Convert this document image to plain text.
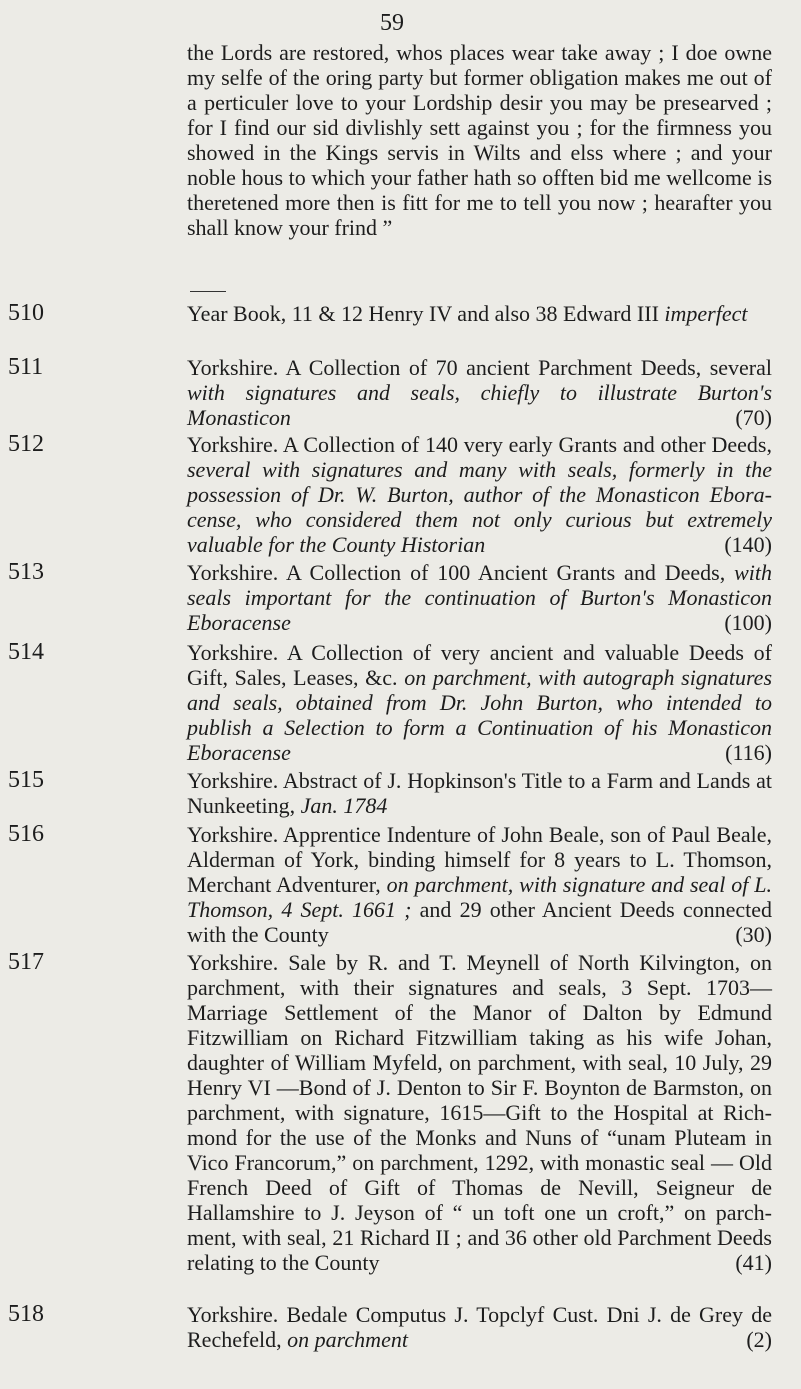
59
the Lords are restored, whos places wear take away ; I doe owne my selfe of the oring party but former obligation makes me out of a perticuler love to your Lordship desir you may be presearved ; for I find our sid divlishly sett against you ; for the firmness you showed in the Kings servis in Wilts and elss where ; and your noble hous to which your father hath so offten bid me wellcome is theretened more then is fitt for me to tell you now ; hearafter you shall know your frind ”
510	Year Book, 11 & 12 Henry IV and also 38 Edward III imperfect
511	Yorkshire. A Collection of 70 ancient Parchment Deeds, several with signatures and seals, chiefly to illustrate Burton's Monasticon	(70)
512	Yorkshire. A Collection of 140 very early Grants and other Deeds, several with signatures and many with seals, formerly in the possession of Dr. W. Burton, author of the Monasticon Ebora- cense, who considered them not only curious but extremely valuable for the County Historian	(140)
513	Yorkshire. A Collection of 100 Ancient Grants and Deeds, with seals important for the continuation of Burton's Monasticon Eboracense	(100)
514	Yorkshire. A Collection of very ancient and valuable Deeds of Gift, Sales, Leases, &c. on parchment, with autograph signatures and seals, obtained from Dr. John Burton, who intended to publish a Selection to form a Continuation of his Monasticon Eboracense	(116)
515	Yorkshire. Abstract of J. Hopkinson's Title to a Farm and Lands at Nunkeeting, Jan. 1784
516	Yorkshire. Apprentice Indenture of John Beale, son of Paul Beale, Alderman of York, binding himself for 8 years to L. Thomson, Merchant Adventurer, on parchment, with signature and seal of L. Thomson, 4 Sept. 1661 ; and 29 other Ancient Deeds connected with the County	(30)
517	Yorkshire. Sale by R. and T. Meynell of North Kilvington, on parchment, with their signatures and seals, 3 Sept. 1703—Marriage Settlement of the Manor of Dalton by Edmund Fitzwilliam on Richard Fitzwilliam taking as his wife Johan, daughter of William Myfeld, on parchment, with seal, 10 July, 29 Henry VI —Bond of J. Denton to Sir F. Boynton de Barmston, on parchment, with signature, 1615—Gift to the Hospital at Rich- mond for the use of the Monks and Nuns of “unam Pluteam in Vico Francorum,” on parchment, 1292, with monastic seal — Old French Deed of Gift of Thomas de Nevill, Seigneur de Hallamshire to J. Jeyson of “ un toft one un croft,” on parch- ment, with seal, 21 Richard II ; and 36 other old Parchment Deeds relating to the County	(41)
518	Yorkshire. Bedale Computus J. Topclyf Cust. Dni J. de Grey de Rechefeld, on parchment	(2)
